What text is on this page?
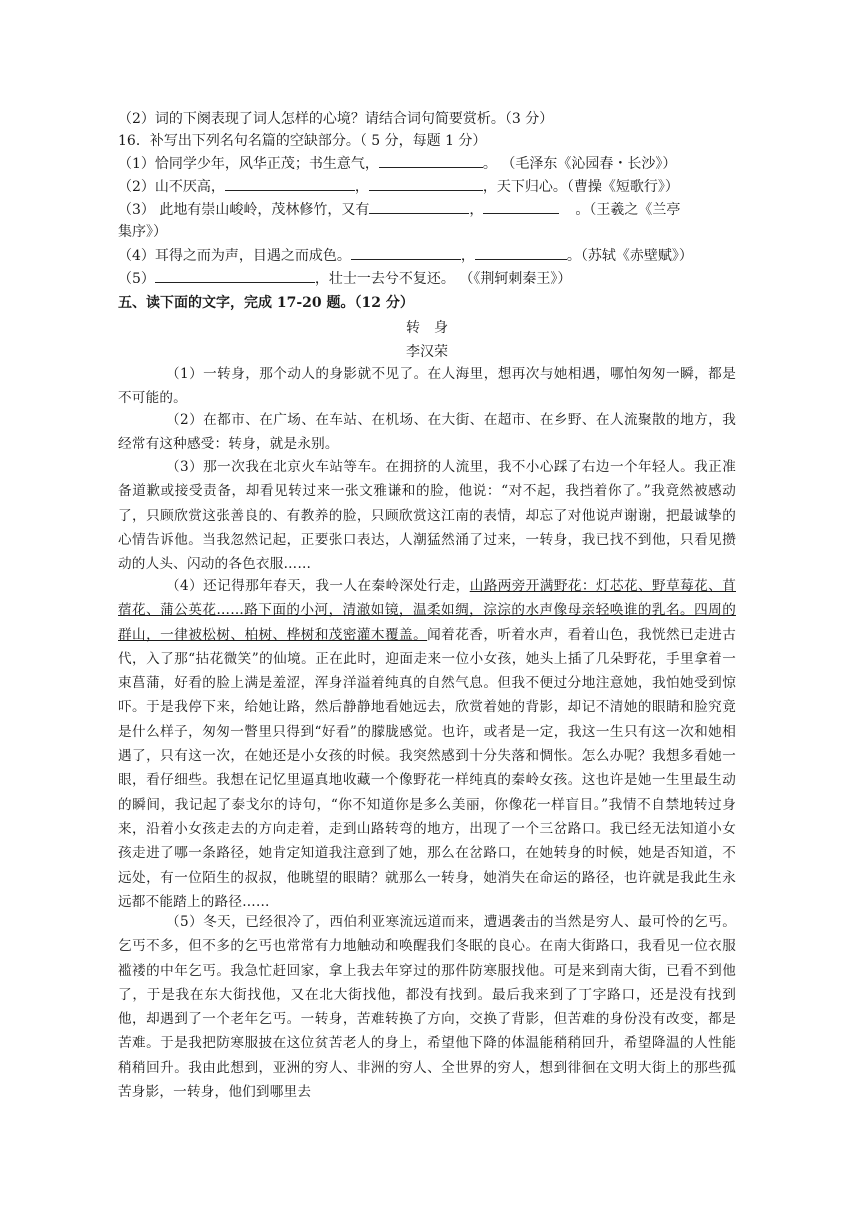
（2）词的下阕表现了词人怎样的心境？请结合词句简要赏析。（3 分）
16．补写出下列名句名篇的空缺部分。（ 5 分，每题 1 分）
（1）恰同学少年，风华正茂；书生意气，	。 （毛泽东《沁园春・长沙》）
（2）山不厌高，	，	，天下归心。（曹操《短歌行》）
（3） 此地有崇山峻岭，茂林修竹，又有	，	。（王羲之《兰亭
集序》）
（4）耳得之而为声，目遇之而成色。	，	。（苏轼《赤壁赋》）
（5）	，壮士一去兮不复还。 （《荆轲刺秦王》）
五、读下面的文字，完成 17-20 题。（12 分）
转　身
李汉荣
（1）一转身，那个动人的身影就不见了。在人海里，想再次与她相遇，哪怕匆匆一瞬，都是不可能的。
（2）在都市、在广场、在车站、在机场、在大街、在超市、在乡野、在人流聚散的地方，我经常有这种感受：转身，就是永别。
（3）那一次我在北京火车站等车。在拥挤的人流里，我不小心踩了右边一个年轻人。我正准备道歉或接受责备，却看见转过来一张文雅谦和的脸，他说：“对不起，我挡着你了。”我竟然被感动了，只顾欣赏这张善良的、有教养的脸，只顾欣赏这江南的表情，却忘了对他说声谢谢，把最诚挚的心情告诉他。当我忽然记起，正要张口表达，人潮猛然涌了过来，一转身，我已找不到他，只看见攒动的人头、闪动的各色衣服……
（4）还记得那年春天，我一人在秦岭深处行走，山路两旁开满野花：灯芯花、野草莓花、苜蓿花、蒲公英花……路下面的小河，清澈如镜，温柔如绸，淙淙的水声像母亲轻唤谁的乳名。四周的群山，一律被松树、柏树、桦树和茂密灌木覆盖。闻着花香，听着水声，看着山色，我恍然已走进古代，入了那“拈花微笑”的仙境。正在此时，迎面走来一位小女孩，她头上插了几朵野花，手里拿着一束菖蒲，好看的脸上满是羞涩，浑身洋溢着纯真的自然气息。但我不便过分地注意她，我怕她受到惊吓。于是我停下来，给她让路，然后静静地看她远去，欣赏着她的背影，却记不清她的眼睛和脸究竟是什么样子，匆匆一瞥里只得到“好看”的朦胧感觉。也许，或者是一定，我这一生只有这一次和她相遇了，只有这一次，在她还是小女孩的时候。我突然感到十分失落和惆怅。怎么办呢？我想多看她一眼，看仔细些。我想在记忆里逼真地收藏一个像野花一样纯真的秦岭女孩。这也许是她一生里最生动的瞬间，我记起了泰戈尔的诗句，“你不知道你是多么美丽，你像花一样盲目。”我情不自禁地转过身来，沿着小女孩走去的方向走着，走到山路转弯的地方，出现了一个三岔路口。我已经无法知道小女孩走进了哪一条路径，她肯定知道我注意到了她，那么在岔路口，在她转身的时候，她是否知道，不远处，有一位陌生的叔叔，他眺望的眼睛？就那么一转身，她消失在命运的路径，也许就是我此生永远都不能踏上的路径……
（5）冬天，已经很冷了，西伯利亚寒流远道而来，遭遇袭击的当然是穷人、最可怜的乞丐。乞丐不多，但不多的乞丐也常常有力地触动和唤醒我们冬眠的良心。在南大街路口，我看见一位衣服褴褛的中年乞丐。我急忙赶回家，拿上我去年穿过的那件防寒服找他。可是来到南大街，已看不到他了，于是我在东大街找他，又在北大街找他，都没有找到。最后我来到了丁字路口，还是没有找到他，却遇到了一个老年乞丐。一转身，苦难转换了方向，交换了背影，但苦难的身份没有改变，都是苦难。于是我把防寒服披在这位贫苦老人的身上，希望他下降的体温能稍稍回升，希望降温的人性能稍稍回升。我由此想到，亚洲的穷人、非洲的穷人、全世界的穷人，想到徘徊在文明大街上的那些孤苦身影，一转身，他们到哪里去
